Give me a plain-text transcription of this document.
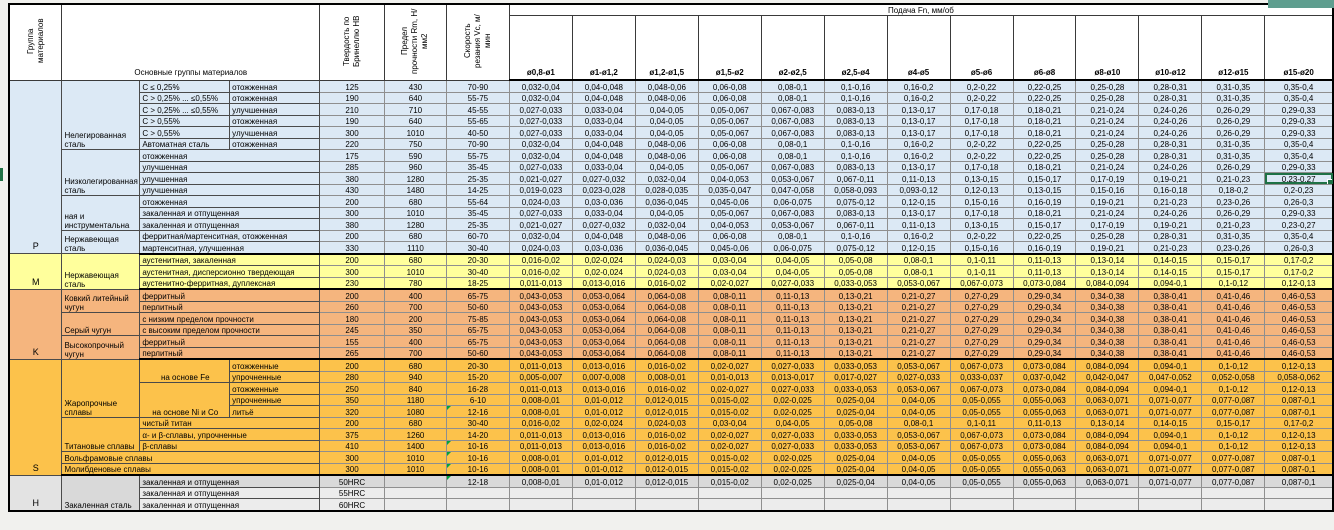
Группа материалов	Основные группы материалов			Твердость по Бринеллю HB	Предел прочности Rm, Н/мм2	Скорость резания Vc, м/мин	Подача Fn, мм/об												
							ø0,8-ø1	ø1-ø1,2	ø1,2-ø1,5	ø1,5-ø2	ø2-ø2,5	ø2,5-ø4	ø4-ø5	ø5-ø6	ø6-ø8	ø8-ø10	ø10-ø12	ø12-ø15	ø15-ø20
P	Нелегированная сталь	C ≤ 0,25%	отожженная	125	430	70-90	0,032-0,04	0,04-0,048	0,048-0,06	0,06-0,08	0,08-0,1	0,1-0,16	0,16-0,2	0,2-0,22	0,22-0,25	0,25-0,28	0,28-0,31	0,31-0,35	0,35-0,4
		C > 0,25% ... ≤0,55%	отожженная	190	640	55-75	0,032-0,04	0,04-0,048	0,048-0,06	0,06-0,08	0,08-0,1	0,1-0,16	0,16-0,2	0,2-0,22	0,22-0,25	0,25-0,28	0,28-0,31	0,31-0,35	0,35-0,4
		C > 0,25% ... ≤0,55%	улучшенная	210	710	45-55	0,027-0,033	0,033-0,04	0,04-0,05	0,05-0,067	0,067-0,083	0,083-0,13	0,13-0,17	0,17-0,18	0,18-0,21	0,21-0,24	0,24-0,26	0,26-0,29	0,29-0,33
		C > 0,55%	отожженная	190	640	55-65	0,027-0,033	0,033-0,04	0,04-0,05	0,05-0,067	0,067-0,083	0,083-0,13	0,13-0,17	0,17-0,18	0,18-0,21	0,21-0,24	0,24-0,26	0,26-0,29	0,29-0,33
		C > 0,55%	улучшенная	300	1010	40-50	0,027-0,033	0,033-0,04	0,04-0,05	0,05-0,067	0,067-0,083	0,083-0,13	0,13-0,17	0,17-0,18	0,18-0,21	0,21-0,24	0,24-0,26	0,26-0,29	0,29-0,33
		Автоматная сталь	отожженная	220	750	70-90	0,032-0,04	0,04-0,048	0,048-0,06	0,06-0,08	0,08-0,1	0,1-0,16	0,16-0,2	0,2-0,22	0,22-0,25	0,25-0,28	0,28-0,31	0,31-0,35	0,35-0,4
	Низколегированная сталь	отожженная		175	590	55-75	0,032-0,04	0,04-0,048	0,048-0,06	0,06-0,08	0,08-0,1	0,1-0,16	0,16-0,2	0,2-0,22	0,22-0,25	0,25-0,28	0,28-0,31	0,31-0,35	0,35-0,4
		улучшенная		285	960	35-45	0,027-0,033	0,033-0,04	0,04-0,05	0,05-0,067	0,067-0,083	0,083-0,13	0,13-0,17	0,17-0,18	0,18-0,21	0,21-0,24	0,24-0,26	0,26-0,29	0,29-0,33
		улучшенная		380	1280	25-35	0,021-0,027	0,027-0,032	0,032-0,04	0,04-0,053	0,053-0,067	0,067-0,11	0,11-0,13	0,13-0,15	0,15-0,17	0,17-0,19	0,19-0,21	0,21-0,23	0,23-0,27

		улучшенная		430	1480	14-25	0,019-0,023	0,023-0,028	0,028-0,035	0,035-0,047	0,047-0,058	0,058-0,093	0,093-0,12	0,12-0,13	0,13-0,15	0,15-0,16	0,16-0,18	0,18-0,2	0,2-0,23
	ная и инструментальна	отожженная		200	680	55-64	0,024-0,03	0,03-0,036	0,036-0,045	0,045-0,06	0,06-0,075	0,075-0,12	0,12-0,15	0,15-0,16	0,16-0,19	0,19-0,21	0,21-0,23	0,23-0,26	0,26-0,3
		закаленная и отпущенная		300	1010	35-45	0,027-0,033	0,033-0,04	0,04-0,05	0,05-0,067	0,067-0,083	0,083-0,13	0,13-0,17	0,17-0,18	0,18-0,21	0,21-0,24	0,24-0,26	0,26-0,29	0,29-0,33
		закаленная и отпущенная		380	1280	25-35	0,021-0,027	0,027-0,032	0,032-0,04	0,04-0,053	0,053-0,067	0,067-0,11	0,11-0,13	0,13-0,15	0,15-0,17	0,17-0,19	0,19-0,21	0,21-0,23	0,23-0,27
	Нержавеющая сталь	ферритная/мартенситная, отожженная		200	680	60-70	0,032-0,04	0,04-0,048	0,048-0,06	0,06-0,08	0,08-0,1	0,1-0,16	0,16-0,2	0,2-0,22	0,22-0,25	0,25-0,28	0,28-0,31	0,31-0,35	0,35-0,4
		мартенситная, улучшенная		330	1110	30-40	0,024-0,03	0,03-0,036	0,036-0,045	0,045-0,06	0,06-0,075	0,075-0,12	0,12-0,15	0,15-0,16	0,16-0,19	0,19-0,21	0,21-0,23	0,23-0,26	0,26-0,3
M	Нержавеющая сталь	аустенитная, закаленная		200	680	20-30	0,016-0,02	0,02-0,024	0,024-0,03	0,03-0,04	0,04-0,05	0,05-0,08	0,08-0,1	0,1-0,11	0,11-0,13	0,13-0,14	0,14-0,15	0,15-0,17	0,17-0,2
		аустенитная, дисперсионно твердеющая		300	1010	30-40	0,016-0,02	0,02-0,024	0,024-0,03	0,03-0,04	0,04-0,05	0,05-0,08	0,08-0,1	0,1-0,11	0,11-0,13	0,13-0,14	0,14-0,15	0,15-0,17	0,17-0,2
		аустенитно-ферритная, дуплексная		230	780	18-25	0,011-0,013	0,013-0,016	0,016-0,02	0,02-0,027	0,027-0,033	0,033-0,053	0,053-0,067	0,067-0,073	0,073-0,084	0,084-0,094	0,094-0,1	0,1-0,12	0,12-0,13
K	Ковкий литейный чугун	ферритный		200	400	65-75	0,043-0,053	0,053-0,064	0,064-0,08	0,08-0,11	0,11-0,13	0,13-0,21	0,21-0,27	0,27-0,29	0,29-0,34	0,34-0,38	0,38-0,41	0,41-0,46	0,46-0,53
		перлитный		260	700	50-60	0,043-0,053	0,053-0,064	0,064-0,08	0,08-0,11	0,11-0,13	0,13-0,21	0,21-0,27	0,27-0,29	0,29-0,34	0,34-0,38	0,38-0,41	0,41-0,46	0,46-0,53
	Серый чугун	с низким пределом прочности		180	200	75-85	0,043-0,053	0,053-0,064	0,064-0,08	0,08-0,11	0,11-0,13	0,13-0,21	0,21-0,27	0,27-0,29	0,29-0,34	0,34-0,38	0,38-0,41	0,41-0,46	0,46-0,53
		с высоким пределом прочности		245	350	65-75	0,043-0,053	0,053-0,064	0,064-0,08	0,08-0,11	0,11-0,13	0,13-0,21	0,21-0,27	0,27-0,29	0,29-0,34	0,34-0,38	0,38-0,41	0,41-0,46	0,46-0,53
	Высокопрочный чугун	ферритный		155	400	65-75	0,043-0,053	0,053-0,064	0,064-0,08	0,08-0,11	0,11-0,13	0,13-0,21	0,21-0,27	0,27-0,29	0,29-0,34	0,34-0,38	0,38-0,41	0,41-0,46	0,46-0,53
		перлитный		265	700	50-60	0,043-0,053	0,053-0,064	0,064-0,08	0,08-0,11	0,11-0,13	0,13-0,21	0,21-0,27	0,27-0,29	0,29-0,34	0,34-0,38	0,38-0,41	0,41-0,46	0,46-0,53
S	Жаропрочные сплавы	на основе Fe	отожженные	200	680	20-30	0,011-0,013	0,013-0,016	0,016-0,02	0,02-0,027	0,027-0,033	0,033-0,053	0,053-0,067	0,067-0,073	0,073-0,084	0,084-0,094	0,094-0,1	0,1-0,12	0,12-0,13
			упрочненные	280	940	15-20	0,005-0,007	0,007-0,008	0,008-0,01	0,01-0,013	0,013-0,017	0,017-0,027	0,027-0,033	0,033-0,037	0,037-0,042	0,042-0,047	0,047-0,052	0,052-0,058	0,058-0,062
		на основе Ni и Co	отожженные	250	840	16-28	0,011-0,013	0,013-0,016	0,016-0,02	0,02-0,027	0,027-0,033	0,033-0,053	0,053-0,067	0,067-0,073	0,073-0,084	0,084-0,094	0,094-0,1	0,1-0,12	0,12-0,13
			упрочненные	350	1180	6-10	0,008-0,01	0,01-0,012	0,012-0,015	0,015-0,02	0,02-0,025	0,025-0,04	0,04-0,05	0,05-0,055	0,055-0,063	0,063-0,071	0,071-0,077	0,077-0,087	0,087-0,1
			литьё	320	1080	12-16	0,008-0,01	0,01-0,012	0,012-0,015	0,015-0,02	0,02-0,025	0,025-0,04	0,04-0,05	0,05-0,055	0,055-0,063	0,063-0,071	0,071-0,077	0,077-0,087	0,087-0,1
	Титановые сплавы	чистый титан		200	680	30-40	0,016-0,02	0,02-0,024	0,024-0,03	0,03-0,04	0,04-0,05	0,05-0,08	0,08-0,1	0,1-0,11	0,11-0,13	0,13-0,14	0,14-0,15	0,15-0,17	0,17-0,2
		α- и β-сплавы, упрочненные		375	1260	14-20	0,011-0,013	0,013-0,016	0,016-0,02	0,02-0,027	0,027-0,033	0,033-0,053	0,053-0,067	0,067-0,073	0,073-0,084	0,084-0,094	0,094-0,1	0,1-0,12	0,12-0,13
		β-сплавы		410	1400	10-16	0,011-0,013	0,013-0,016	0,016-0,02	0,02-0,027	0,027-0,033	0,033-0,053	0,053-0,067	0,067-0,073	0,073-0,084	0,084-0,094	0,094-0,1	0,1-0,12	0,12-0,13
	Вольфрамовые сплавы			300	1010	10-16	0,008-0,01	0,01-0,012	0,012-0,015	0,015-0,02	0,02-0,025	0,025-0,04	0,04-0,05	0,05-0,055	0,055-0,063	0,063-0,071	0,071-0,077	0,077-0,087	0,087-0,1
	Молибденовые сплавы			300	1010	10-16	0,008-0,01	0,01-0,012	0,012-0,015	0,015-0,02	0,02-0,025	0,025-0,04	0,04-0,05	0,05-0,055	0,055-0,063	0,063-0,071	0,071-0,077	0,077-0,087	0,087-0,1
H	Закаленная сталь	закаленная и отпущенная		50HRC		12-18	0,008-0,01	0,01-0,012	0,012-0,015	0,015-0,02	0,02-0,025	0,025-0,04	0,04-0,05	0,05-0,055	0,055-0,063	0,063-0,071	0,071-0,077	0,077-0,087	0,087-0,1
		закаленная и отпущенная		55HRC															
		закаленная и отпущенная		60HRC															
